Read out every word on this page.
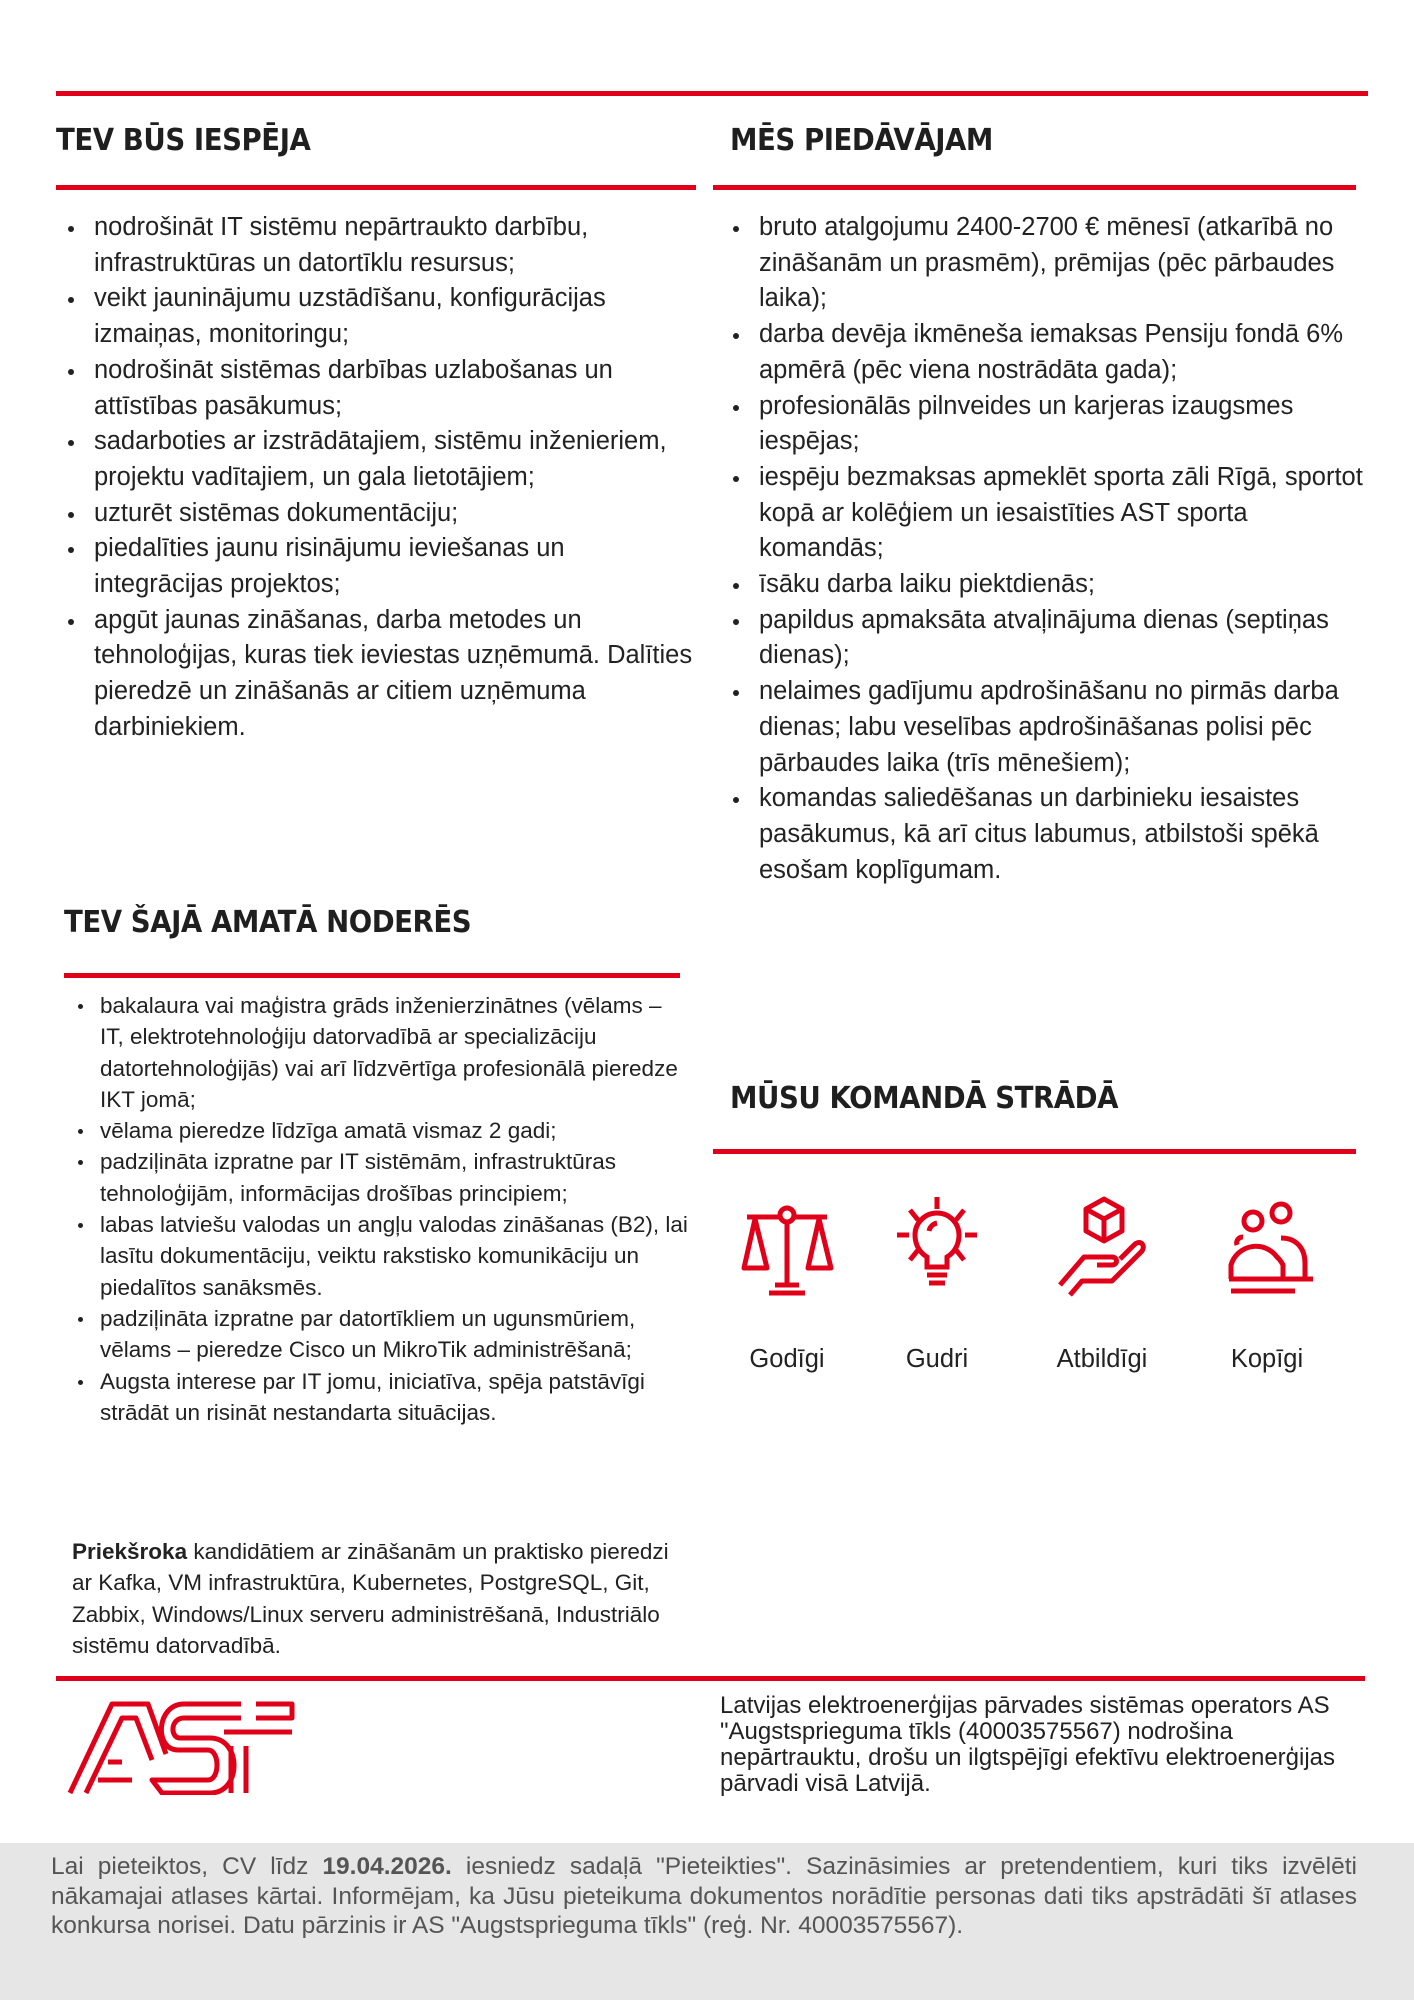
TEV BŪS IESPĒJA
nodrošināt IT sistēmu nepārtraukto darbību, infrastruktūras un datortīklu resursus;
veikt jauninājumu uzstādīšanu, konfigurācijas izmaiņas, monitoringu;
nodrošināt sistēmas darbības uzlabošanas un attīstības pasākumus;
sadarboties ar izstrādātajiem, sistēmu inženieriem, projektu vadītajiem, un gala lietotājiem;
uzturēt sistēmas dokumentāciju;
piedalīties jaunu risinājumu ieviešanas un integrācijas projektos;
apgūt jaunas zināšanas, darba metodes un tehnoloģijas, kuras tiek ieviestas uzņēmumā. Dalīties pieredzē un zināšanās ar citiem uzņēmuma darbiniekiem.
MĒS PIEDĀVĀJAM
bruto atalgojumu 2400-2700 € mēnesī (atkarībā no zināšanām un prasmēm), prēmijas (pēc pārbaudes laika);
darba devēja ikmēneša iemaksas Pensiju fondā 6% apmērā (pēc viena nostrādāta gada);
profesionālās pilnveides un karjeras izaugsmes iespējas;
iespēju bezmaksas apmeklēt sporta zāli Rīgā, sportot kopā ar kolēģiem un iesaistīties AST sporta komandās;
īsāku darba laiku piektdienās;
papildus apmaksāta atvaļinājuma dienas (septiņas dienas);
nelaimes gadījumu apdrošināšanu no pirmās darba dienas; labu veselības apdrošināšanas polisi pēc pārbaudes laika (trīs mēnešiem);
komandas saliedēšanas un darbinieku iesaistes pasākumus, kā arī citus labumus, atbilstoši spēkā esošam koplīgumam.
TEV ŠAJĀ AMATĀ NODERĒS
bakalaura vai maģistra grāds inženierzinātnes (vēlams – IT, elektrotehnoloģiju datorvadībā ar specializāciju datortehnoloģijās) vai arī līdzvērtīga profesionālā pieredze IKT jomā;
vēlama pieredze līdzīga amatā vismaz 2 gadi;
padziļināta izpratne par IT sistēmām, infrastruktūras tehnoloģijām, informācijas drošības principiem;
labas latviešu valodas un angļu valodas zināšanas (B2), lai lasītu dokumentāciju, veiktu rakstisko komunikāciju un piedalītos sanāksmēs.
padziļināta izpratne par datortīkliem un ugunsmūriem, vēlams – pieredze Cisco un MikroTik administrēšanā;
Augsta interese par IT jomu, iniciatīva, spēja patstāvīgi strādāt un risināt nestandarta situācijas.
Priekšroka kandidātiem ar zināšanām un praktisko pieredzi ar Kafka, VM infrastruktūra, Kubernetes, PostgreSQL, Git, Zabbix, Windows/Linux serveru administrēšanā, Industriālo sistēmu datorvadībā.
MŪSU KOMANDĀ STRĀDĀ
Godīgi	Gudri	Atbildīgi	Kopīgi
Latvijas elektroenerģijas pārvades sistēmas operators AS "Augstsprieguma tīkls (40003575567) nodrošina nepārtrauktu, drošu un ilgtspējīgi efektīvu elektroenerģijas pārvadi visā Latvijā.
Lai pieteiktos, CV līdz 19.04.2026. iesniedz sadaļā "Pieteikties". Sazināsimies ar pretendentiem, kuri tiks izvēlēti nākamajai atlases kārtai. Informējam, ka Jūsu pieteikuma dokumentos norādītie personas dati tiks apstrādāti šī atlases konkursa norisei. Datu pārzinis ir AS "Augstsprieguma tīkls" (reģ. Nr. 40003575567).
